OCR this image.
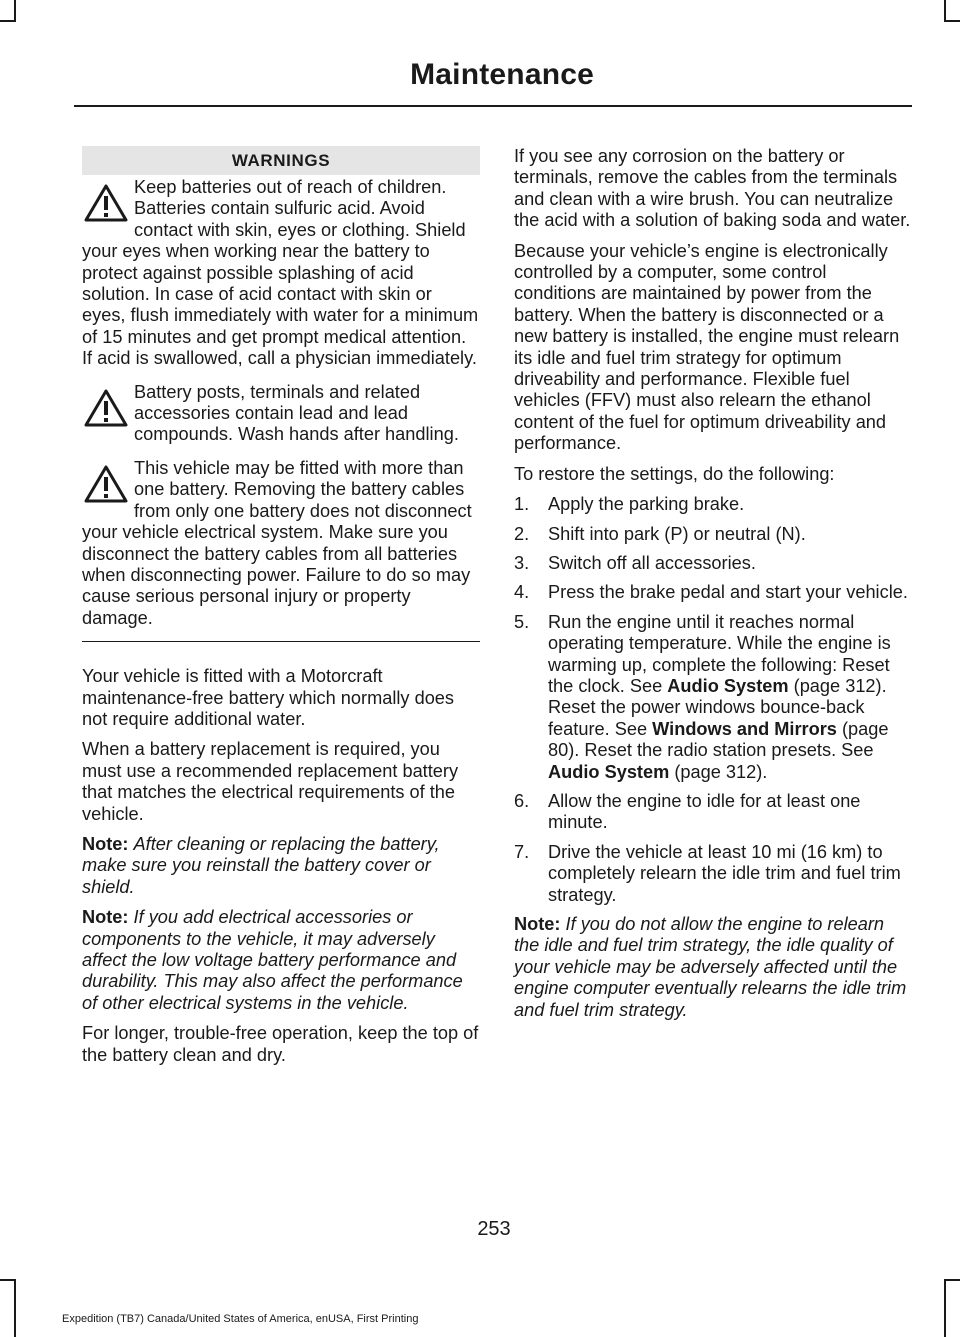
Maintenance
WARNINGS
Keep batteries out of reach of children. Batteries contain sulfuric acid. Avoid contact with skin, eyes or clothing. Shield your eyes when working near the battery to protect against possible splashing of acid solution. In case of acid contact with skin or eyes, flush immediately with water for a minimum of 15 minutes and get prompt medical attention. If acid is swallowed, call a physician immediately.
Battery posts, terminals and related accessories contain lead and lead compounds. Wash hands after handling.
This vehicle may be fitted with more than one battery. Removing the battery cables from only one battery does not disconnect your vehicle electrical system. Make sure you disconnect the battery cables from all batteries when disconnecting power. Failure to do so may cause serious personal injury or property damage.

Your vehicle is fitted with a Motorcraft maintenance-free battery which normally does not require additional water.

When a battery replacement is required, you must use a recommended replacement battery that matches the electrical requirements of the vehicle.

Note: After cleaning or replacing the battery, make sure you reinstall the battery cover or shield.

Note: If you add electrical accessories or components to the vehicle, it may adversely affect the low voltage battery performance and durability. This may also affect the performance of other electrical systems in the vehicle.

For longer, trouble-free operation, keep the top of the battery clean and dry.

If you see any corrosion on the battery or terminals, remove the cables from the terminals and clean with a wire brush. You can neutralize the acid with a solution of baking soda and water.

Because your vehicle’s engine is electronically controlled by a computer, some control conditions are maintained by power from the battery. When the battery is disconnected or a new battery is installed, the engine must relearn its idle and fuel trim strategy for optimum driveability and performance. Flexible fuel vehicles (FFV) must also relearn the ethanol content of the fuel for optimum driveability and performance.

To restore the settings, do the following:

1. Apply the parking brake.
2. Shift into park (P) or neutral (N).
3. Switch off all accessories.
4. Press the brake pedal and start your vehicle.
5. Run the engine until it reaches normal operating temperature. While the engine is warming up, complete the following: Reset the clock. See Audio System (page 312). Reset the power windows bounce-back feature. See Windows and Mirrors (page 80). Reset the radio station presets. See Audio System (page 312).
6. Allow the engine to idle for at least one minute.
7. Drive the vehicle at least 10 mi (16 km) to completely relearn the idle trim and fuel trim strategy.

Note: If you do not allow the engine to relearn the idle and fuel trim strategy, the idle quality of your vehicle may be adversely affected until the engine computer eventually relearns the idle trim and fuel trim strategy.

253
Expedition (TB7) Canada/United States of America, enUSA, First Printing
